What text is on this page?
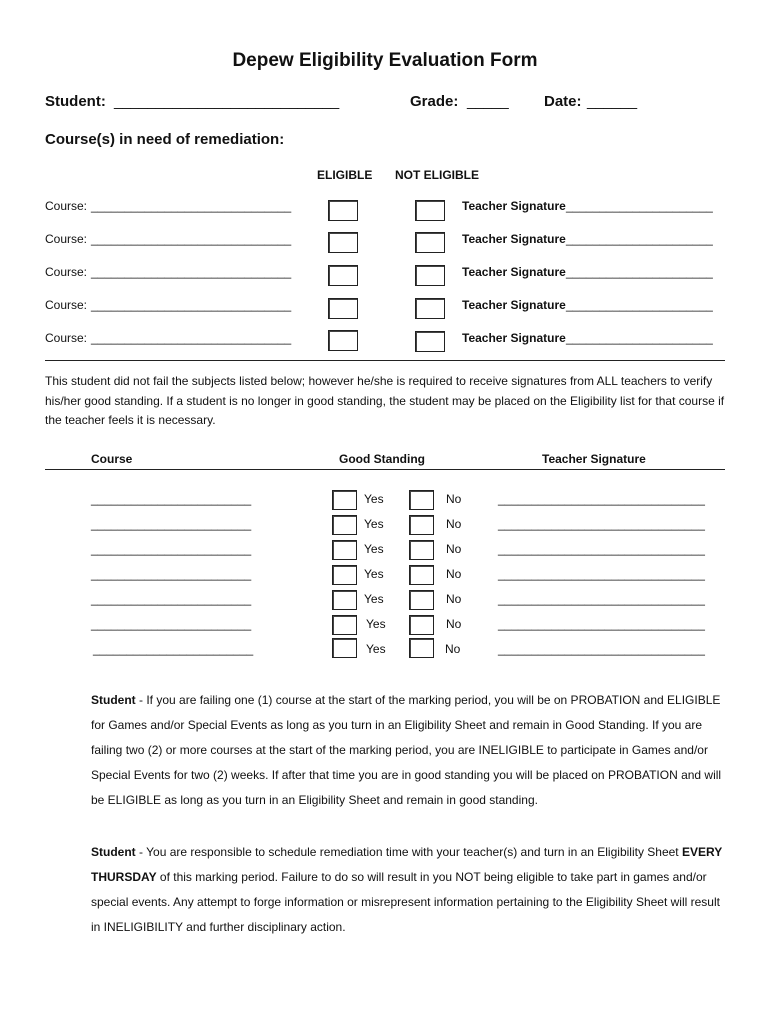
Depew Eligibility Evaluation Form
Student: ___________________________	Grade: _____ Date: ______
Course(s) in need of remediation:
ELIGIBLE NOT ELIGIBLE
Course: ______________________________	Teacher Signature ______________________
Course: ______________________________	Teacher Signature ______________________
Course: ______________________________	Teacher Signature ______________________
Course: ______________________________	Teacher Signature ______________________
Course: ______________________________	Teacher Signature ______________________
This student did not fail the subjects listed below; however he/she is required to receive signatures from ALL teachers to verify his/her good standing. If a student is no longer in good standing, the student may be placed on the Eligibility list for that course if the teacher feels it is necessary.
Course	Good Standing	Teacher Signature
________________________	Yes	No	_______________________________
________________________	Yes	No	_______________________________
________________________	Yes	No	_______________________________
________________________	Yes	No	_______________________________
________________________	Yes	No	_______________________________
________________________	Yes	No	_______________________________
________________________	Yes	No	_______________________________
Student - If you are failing one (1) course at the start of the marking period, you will be on PROBATION and ELIGIBLE for Games and/or Special Events as long as you turn in an Eligibility Sheet and remain in Good Standing. If you are failing two (2) or more courses at the start of the marking period, you are INELIGIBLE to participate in Games and/or Special Events for two (2) weeks. If after that time you are in good standing you will be placed on PROBATION and will be ELIGIBLE as long as you turn in an Eligibility Sheet and remain in good standing.
Student - You are responsible to schedule remediation time with your teacher(s) and turn in an Eligibility Sheet EVERY THURSDAY of this marking period. Failure to do so will result in you NOT being eligible to take part in games and/or special events. Any attempt to forge information or misrepresent information pertaining to the Eligibility Sheet will result in INELIGIBILITY and further disciplinary action.
